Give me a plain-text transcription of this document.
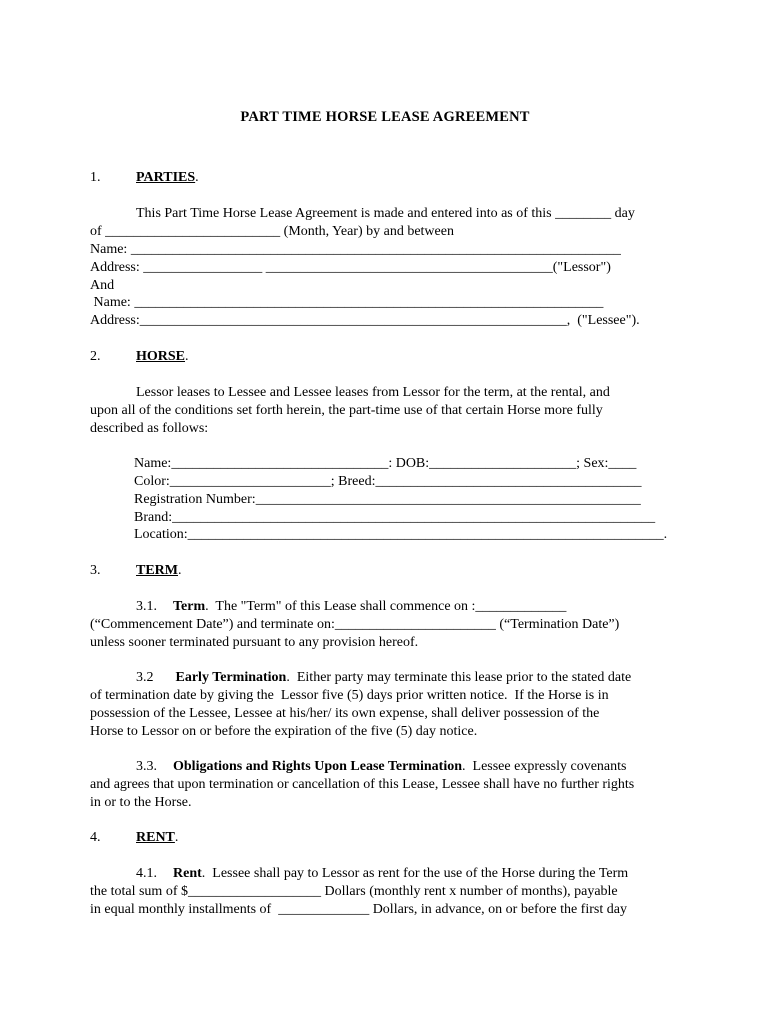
PART TIME HORSE LEASE AGREEMENT
1.	PARTIES.
This Part Time Horse Lease Agreement is made and entered into as of this ________ day
of _________________________ (Month, Year) by and between
Name: ______________________________________________________________________
Address: _________________ _________________________________________("Lessor")
And
Name: ___________________________________________________________________
Address:_____________________________________________________________,  ("Lessee").
2.	HORSE.
Lessor leases to Lessee and Lessee leases from Lessor for the term, at the rental, and
upon all of the conditions set forth herein, the part-time use of that certain Horse more fully
described as follows:
Name:_______________________________: DOB:_____________________; Sex:____
Color:_______________________; Breed:______________________________________
Registration Number:_______________________________________________________
Brand:_____________________________________________________________________
Location:____________________________________________________________________.
3.	TERM.
3.1. Term.  The "Term" of this Lease shall commence on :_____________
(“Commencement Date”) and terminate on:_______________________ (“Termination Date”)
unless sooner terminated pursuant to any provision hereof.
3.2 Early Termination.  Either party may terminate this lease prior to the stated date
of termination date by giving the  Lessor five (5) days prior written notice.  If the Horse is in
possession of the Lessee, Lessee at his/her/ its own expense, shall deliver possession of the
Horse to Lessor on or before the expiration of the five (5) day notice.
3.3. Obligations and Rights Upon Lease Termination.  Lessee expressly covenants
and agrees that upon termination or cancellation of this Lease, Lessee shall have no further rights
in or to the Horse.
4.	RENT.
4.1. Rent.  Lessee shall pay to Lessor as rent for the use of the Horse during the Term
the total sum of $___________________ Dollars (monthly rent x number of months), payable
in equal monthly installments of  _____________ Dollars, in advance, on or before the first day
